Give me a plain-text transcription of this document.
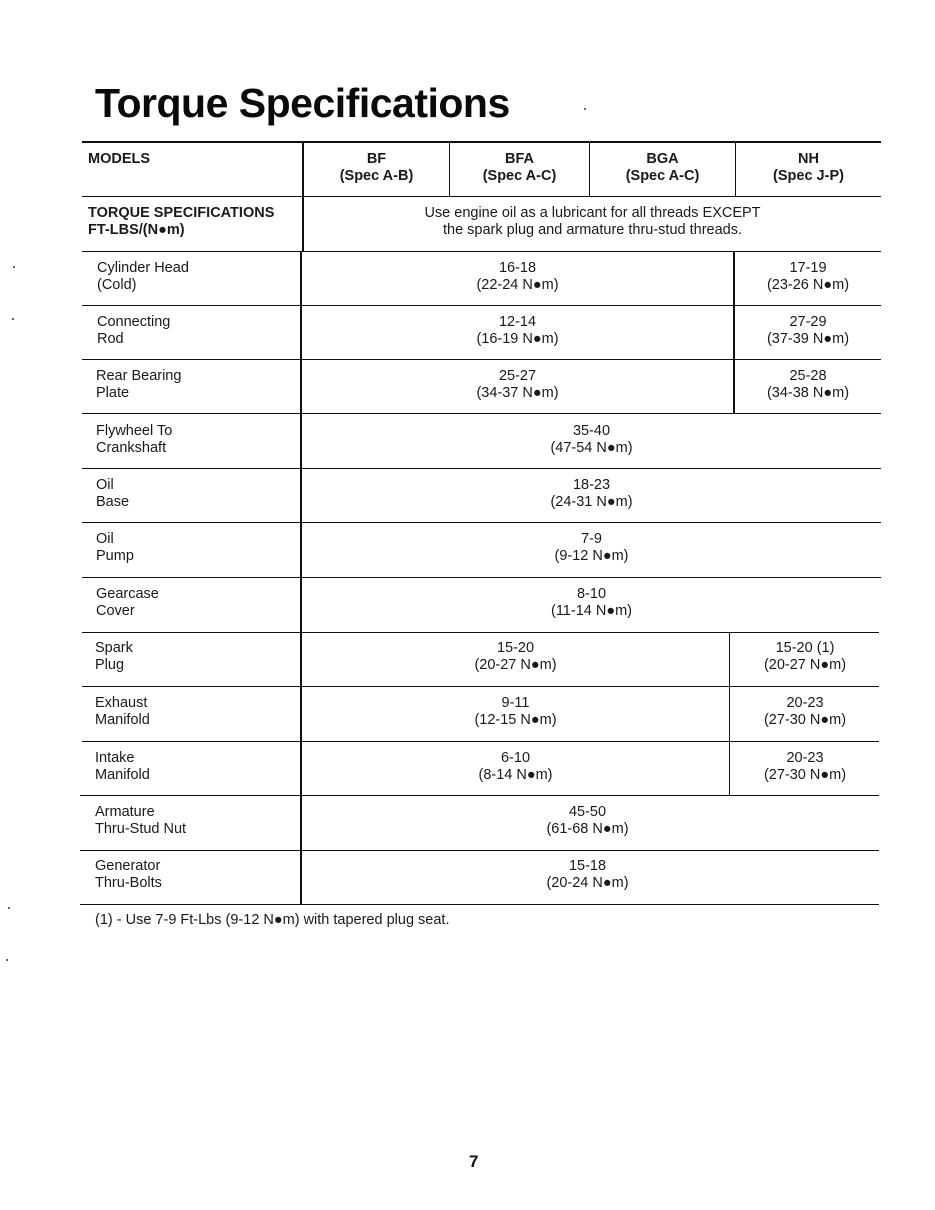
Torque Specifications
MODELS	BF
(Spec A-B)
BFA
(Spec A-C)
BGA
(Spec A-C)
NH
(Spec J-P)
TORQUE SPECIFICATIONS
FT-LBS/(N●m)
Use engine oil as a lubricant for all threads EXCEPT
the spark plug and armature thru-stud threads.
Cylinder Head
(Cold)
16-18
(22-24 N●m)
17-19
(23-26 N●m)
Connecting
Rod
12-14
(16-19 N●m)
27-29
(37-39 N●m)
Rear Bearing
Plate
25-27
(34-37 N●m)
25-28
(34-38 N●m)
Flywheel To
Crankshaft
35-40
(47-54 N●m)
Oil
Base
18-23
(24-31 N●m)
Oil
Pump
7-9
(9-12 N●m)
Gearcase
Cover
8-10
(11-14 N●m)
Spark
Plug
15-20
(20-27 N●m)
15-20 (1)
(20-27 N●m)
Exhaust
Manifold
9-11
(12-15 N●m)
20-23
(27-30 N●m)
Intake
Manifold
6-10
(8-14 N●m)
20-23
(27-30 N●m)
Armature
Thru-Stud Nut
45-50
(61-68 N●m)
Generator
Thru-Bolts
15-18
(20-24 N●m)
(1) - Use 7-9 Ft-Lbs (9-12 N●m) with tapered plug seat.
7
